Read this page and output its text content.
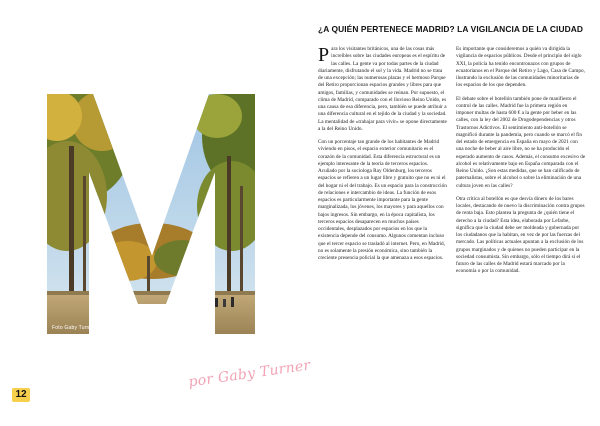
Foto Gaby Turner
por Gaby Turner
12
¿A QUIÉN PERTENECE MADRID? LA VIGILANCIA DE LA CIUDAD

Para los visitantes británicos, una de las cosas más increíbles sobre las ciudades europeas es el espíritu de las calles. La gente va por todas partes de la ciudad diariamente, disfrutando el sol y la vida. Madrid no se trata de una excepción; las numerosas plazas y el hermoso Parque del Retiro proporcionan espacios grandes y libres para que amigos, familias, y comunidades se reúnan. Por supuesto, el clima de Madrid, comparado con el lluvioso Reino Unido, es una causa de esa diferencia, pero, también se puede atribuir a una diferencia cultural en el tejido de la ciudad y la sociedad. La mentalidad de «trabajar para vivir» se opone directamente a la del Reino Unido.

Con un porcentaje tan grande de los habitantes de Madrid viviendo en pisos, el espacio exterior comunitario es el corazón de la comunidad. Esta diferencia estructural es un ejemplo interesante de la teoría de terceros espacios. Acuñado por la sociologa Ray Oldenburg, los terceros espacios se refieren a un lugar libre y gratuito que no es ni el del hogar ni el del trabajo. Es un espacio para la construcción de relaciones e intercambio de ideas. La función de esos espacios es particularmente importante para la gente marginalizada, los jóvenes, los mayores y para aquellos con bajos ingresos. Sin embargo, en la época capitalista, los terceros espacios desaparecen en muchos países occidentales, desplazados por espacios en los que la existencia depende del consumo. Algunos comentan incluso que el tercer espacio se trasladó al internet. Pero, en Madrid, no es solamente la presión económica, sino también la creciente presencia policial la que amenaza a esos espacios.

Es importante que consideremos a quién va dirigida la vigilancia de espacios públicos. Desde el principio del siglo XXI, la policía ha tenido encontronazos con grupos de ecuatorianos en el Parque del Retiro y Lago, Casa de Campo, ilustrando la exclusión de las comunidades minoritarias de los espacios de los que dependen.

El debate sobre el botellón también pone de manifiesto el control de las calles. Madrid fue la primera región en imponer multas de hasta 600 € a la gente por beber en las calles, con la ley del 2002 de Drogodependencias y otros Trastornos Adictivos. El sentimiento anti-botellón se magnificó durante la pandemia, pero cuando se marcó el fin del estado de emergencia en España en mayo de 2021 con una noche de beber al aire libre, no se ha producido el esperado aumento de casos. Además, el consumo excesivo de alcohol es relativamente bajo en España comparada con el Reino Unido. ¿Son estas medidas, que se han calificado de paternalistas, sobre el alcohol o sobre la eliminación de una cultura joven en las calles?

Otra crítica al botellón es que desvía dinero de los bares locales, destacando de nuevo la discriminación contra grupos de renta baja. Esto plantea la pregunta de ¿quién tiene el derecho a la ciudad? Esta idea, elaborada por Lefarbe, significa que la ciudad debe ser moldeada y gobernada por los ciudadanos que la habitan, en vez de por las fuerzas del mercado. Las políticas actuales apuntan a la exclusión de los grupos marginados y de quienes no pueden participar en la sociedad consumista. Sin embargo, sólo el tiempo dirá si el futuro de las calles de Madrid estará marcado por la economía o por la comunidad.
